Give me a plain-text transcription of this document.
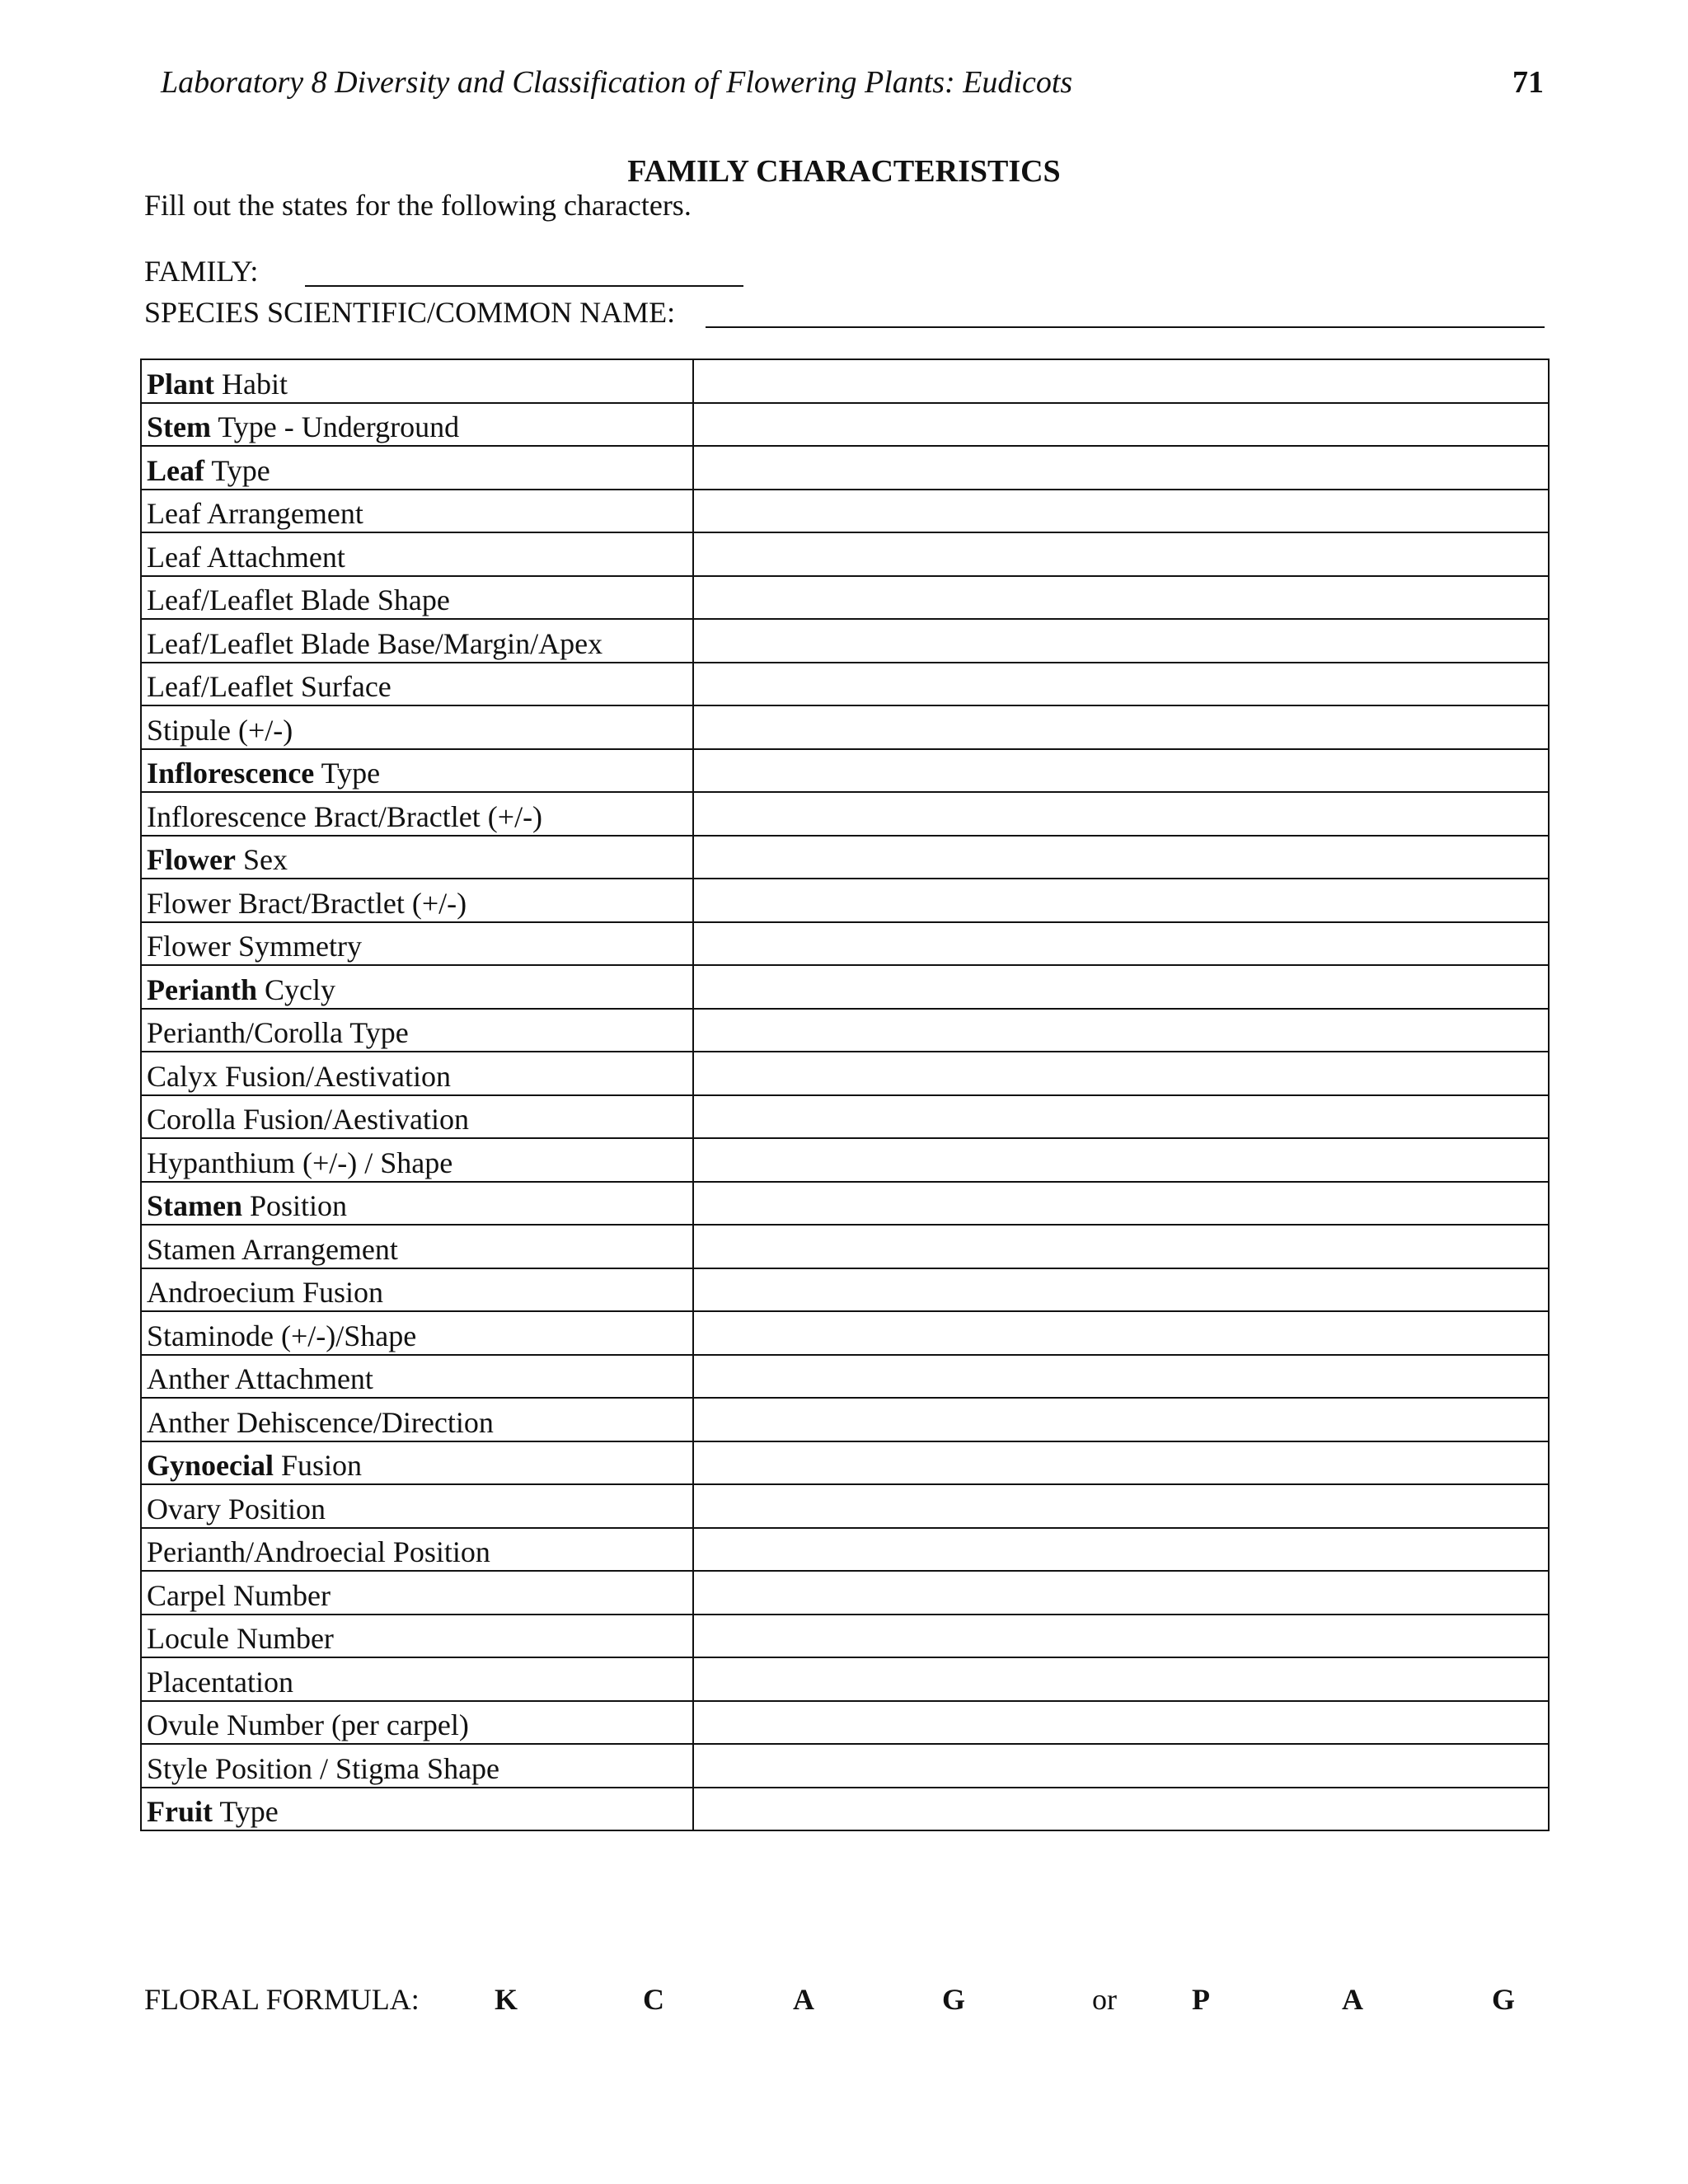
Laboratory 8 Diversity and Classification of Flowering Plants: Eudicots	71
FAMILY CHARACTERISTICS
Fill out the states for the following characters.
FAMILY:
SPECIES SCIENTIFIC/COMMON NAME:
Plant Habit	
Stem Type - Underground	
Leaf Type	
Leaf Arrangement	
Leaf Attachment	
Leaf/Leaflet Blade Shape	
Leaf/Leaflet Blade Base/Margin/Apex	
Leaf/Leaflet Surface	
Stipule (+/-)	
Inflorescence Type	
Inflorescence Bract/Bractlet (+/-)	
Flower Sex	
Flower Bract/Bractlet (+/-)	
Flower Symmetry	
Perianth Cycly	
Perianth/Corolla Type	
Calyx Fusion/Aestivation	
Corolla Fusion/Aestivation	
Hypanthium (+/-) / Shape	
Stamen Position	
Stamen Arrangement	
Androecium Fusion	
Staminode (+/-)/Shape	
Anther Attachment	
Anther Dehiscence/Direction	
Gynoecial Fusion	
Ovary Position	
Perianth/Androecial Position	
Carpel Number	
Locule Number	
Placentation	
Ovule Number (per carpel)	
Style Position / Stigma Shape	
Fruit Type	
FLORAL FORMULA:	K	C	A	G	or	P	A	G
